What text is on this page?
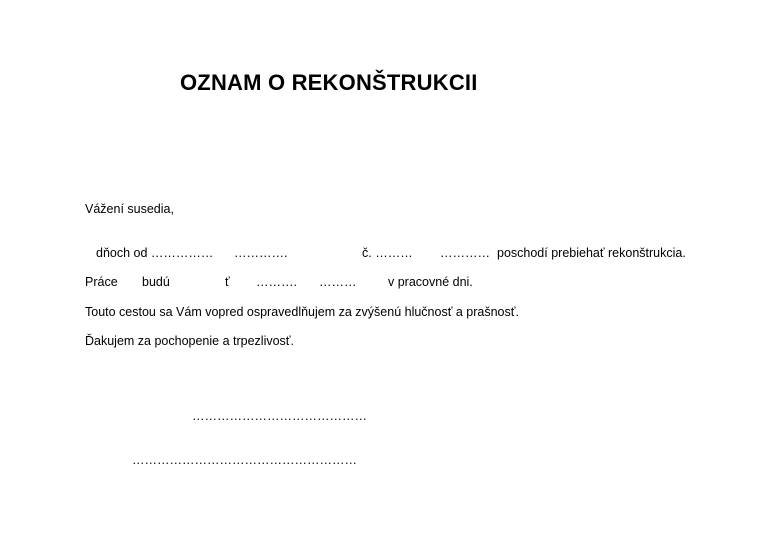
OZNAM O REKONŠTRUKCII
Vážení susedia,
dňoch od …………… ………….	č. ……… ………… poschodí prebiehať rekonštrukcia.
Práce budú	ť ………. ………	v pracovné dni.
Touto cestou sa Vám vopred ospravedlňujem za zvýšenú hlučnosť a prašnosť.
Ďakujem za pochopenie a trpezlivosť.
……………………………………
………………………………………………
